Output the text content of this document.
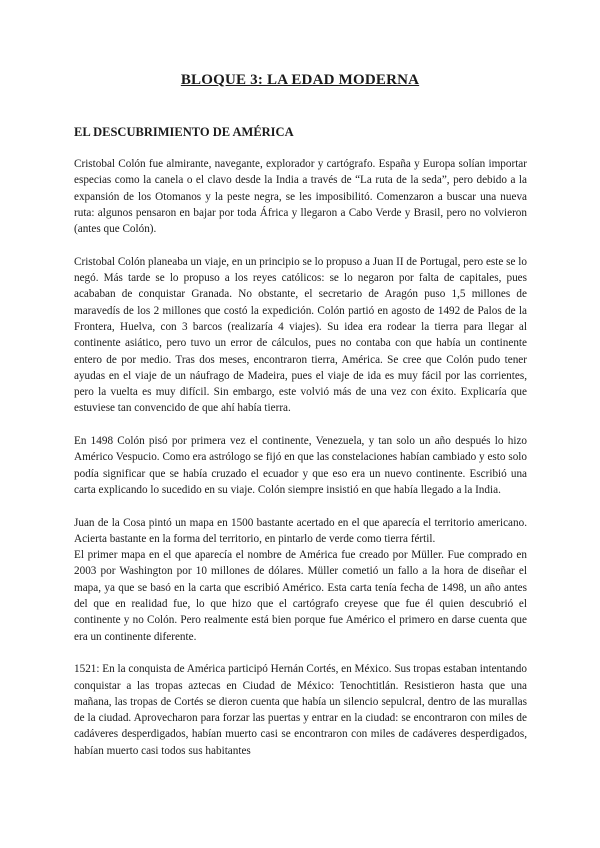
BLOQUE 3: LA EDAD MODERNA
EL DESCUBRIMIENTO DE AMÉRICA

Cristobal Colón fue almirante, navegante, explorador y cartógrafo. España y Europa solían importar especias como la canela o el clavo desde la India a través de “La ruta de la seda”, pero debido a la expansión de los Otomanos y la peste negra, se les imposibilitó. Comenzaron a buscar una nueva ruta: algunos pensaron en bajar por toda África y llegaron a Cabo Verde y Brasil, pero no volvieron (antes que Colón).

Cristobal Colón planeaba un viaje, en un principio se lo propuso a Juan II de Portugal, pero este se lo negó. Más tarde se lo propuso a los reyes católicos: se lo negaron por falta de capitales, pues acababan de conquistar Granada. No obstante, el secretario de Aragón puso 1,5 millones de maravedís de los 2 millones que costó la expedición. Colón partió en agosto de 1492 de Palos de la Frontera, Huelva, con 3 barcos (realizaría 4 viajes). Su idea era rodear la tierra para llegar al continente asiático, pero tuvo un error de cálculos, pues no contaba con que había un continente entero de por medio. Tras dos meses, encontraron tierra, América. Se cree que Colón pudo tener ayudas en el viaje de un náufrago de Madeira, pues el viaje de ida es muy fácil por las corrientes, pero la vuelta es muy difícil. Sin embargo, este volvió más de una vez con éxito. Explicaría que estuviese tan convencido de que ahí había tierra.

En 1498 Colón pisó por primera vez el continente, Venezuela, y tan solo un año después lo hizo Américo Vespucio. Como era astrólogo se fijó en que las constelaciones habían cambiado y esto solo podía significar que se había cruzado el ecuador y que eso era un nuevo continente. Escribió una carta explicando lo sucedido en su viaje. Colón siempre insistió en que había llegado a la India.

Juan de la Cosa pintó un mapa en 1500 bastante acertado en el que aparecía el territorio americano. Acierta bastante en la forma del territorio, en pintarlo de verde como tierra fértil.

El primer mapa en el que aparecía el nombre de América fue creado por Müller. Fue comprado en 2003 por Washington por 10 millones de dólares. Müller cometió un fallo a la hora de diseñar el mapa, ya que se basó en la carta que escribió Américo. Esta carta tenía fecha de 1498, un año antes del que en realidad fue, lo que hizo que el cartógrafo creyese que fue él quien descubrió el continente y no Colón. Pero realmente está bien porque fue Américo el primero en darse cuenta que era un continente diferente.

1521: En la conquista de América participó Hernán Cortés, en México. Sus tropas estaban intentando conquistar a las tropas aztecas en Ciudad de México: Tenochtitlán. Resistieron hasta que una mañana, las tropas de Cortés se dieron cuenta que había un silencio sepulcral, dentro de las murallas de la ciudad. Aprovecharon para forzar las puertas y entrar en la ciudad: se encontraron con miles de cadáveres desperdigados, habían muerto casi se encontraron con miles de cadáveres desperdigados, habían muerto casi todos sus habitantes
